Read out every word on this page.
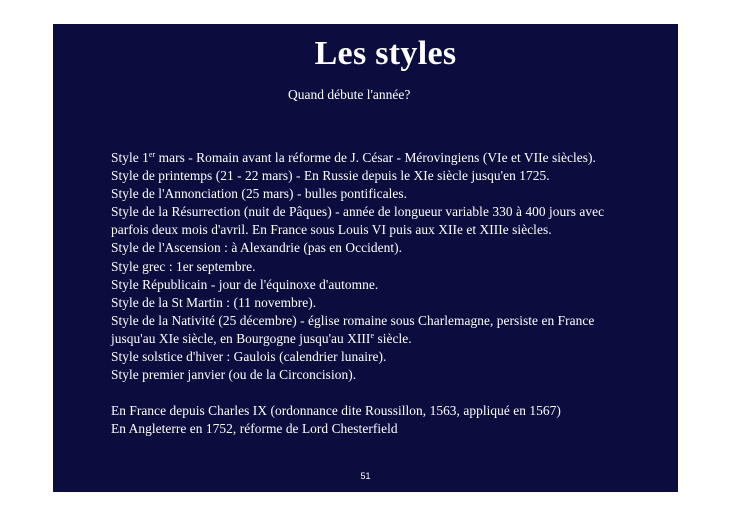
Les styles
Quand débute l'année?
Style 1er mars - Romain avant la réforme de J. César - Mérovingiens (VIe et VIIe siècles).
Style de printemps (21 - 22 mars) - En Russie depuis le XIe siècle jusqu'en 1725.
Style de l'Annonciation (25 mars) - bulles pontificales.
Style de la Résurrection (nuit de Pâques) - année de longueur variable 330 à 400 jours avec
parfois deux mois d'avril. En France sous Louis VI puis aux XIIe et XIIIe siècles.
Style de l'Ascension : à Alexandrie (pas en Occident).
Style grec : 1er septembre.
Style Républicain - jour de l'équinoxe d'automne.
Style de la St Martin : (11 novembre).
Style de la Nativité (25 décembre) - église romaine sous Charlemagne, persiste en France
jusqu'au XIe siècle, en Bourgogne jusqu'au XIIIe siècle.
Style solstice d'hiver : Gaulois (calendrier lunaire).
Style premier janvier (ou de la Circoncision).
En France depuis Charles IX (ordonnance dite Roussillon, 1563, appliqué en 1567)
En Angleterre en 1752, réforme de Lord Chesterfield
51
